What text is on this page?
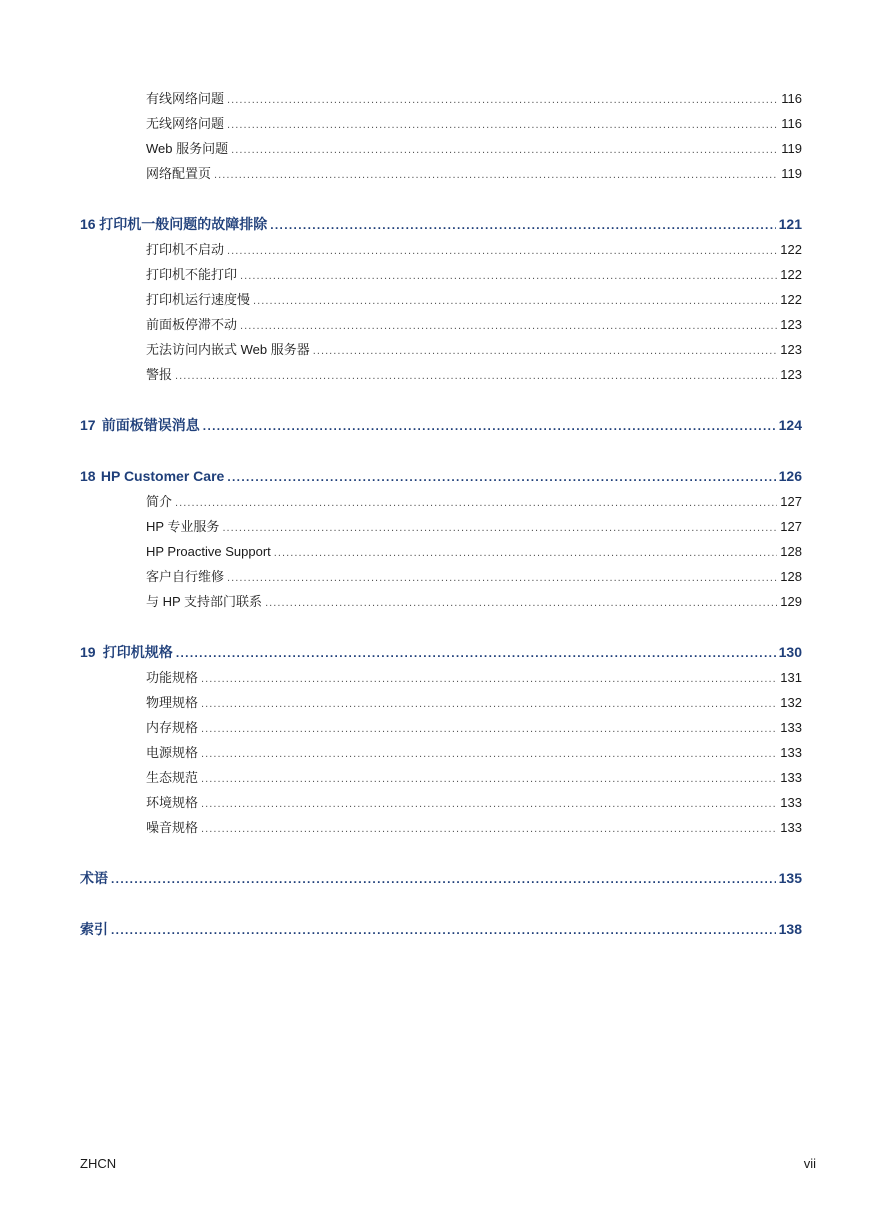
有线网络问题 . . .	116
无线网络问题 . . .	116
Web 服务问题 . . .	119
网络配置页 . . .	119
16 打印机一般问题的故障排除 . . .	121
打印机不启动 . . .	122
打印机不能打印 . . .	122
打印机运行速度慢 . . .	122
前面板停滞不动 . . .	123
无法访问内嵌式 Web 服务器 . . .	123
警报 . . .	123
17 前面板错误消息 . . .	124
18 HP Customer Care . . .	126
简介 . . .	127
HP 专业服务 . . .	127
HP Proactive Support . . .	128
客户自行维修 . . .	128
与 HP 支持部门联系 . . .	129
19 打印机规格 . . .	130
功能规格 . . .	131
物理规格 . . .	132
内存规格 . . .	133
电源规格 . . .	133
生态规范 . . .	133
环境规格 . . .	133
噪音规格 . . .	133
术语 . . .	135
索引 . . .	138
ZHCN	vii
